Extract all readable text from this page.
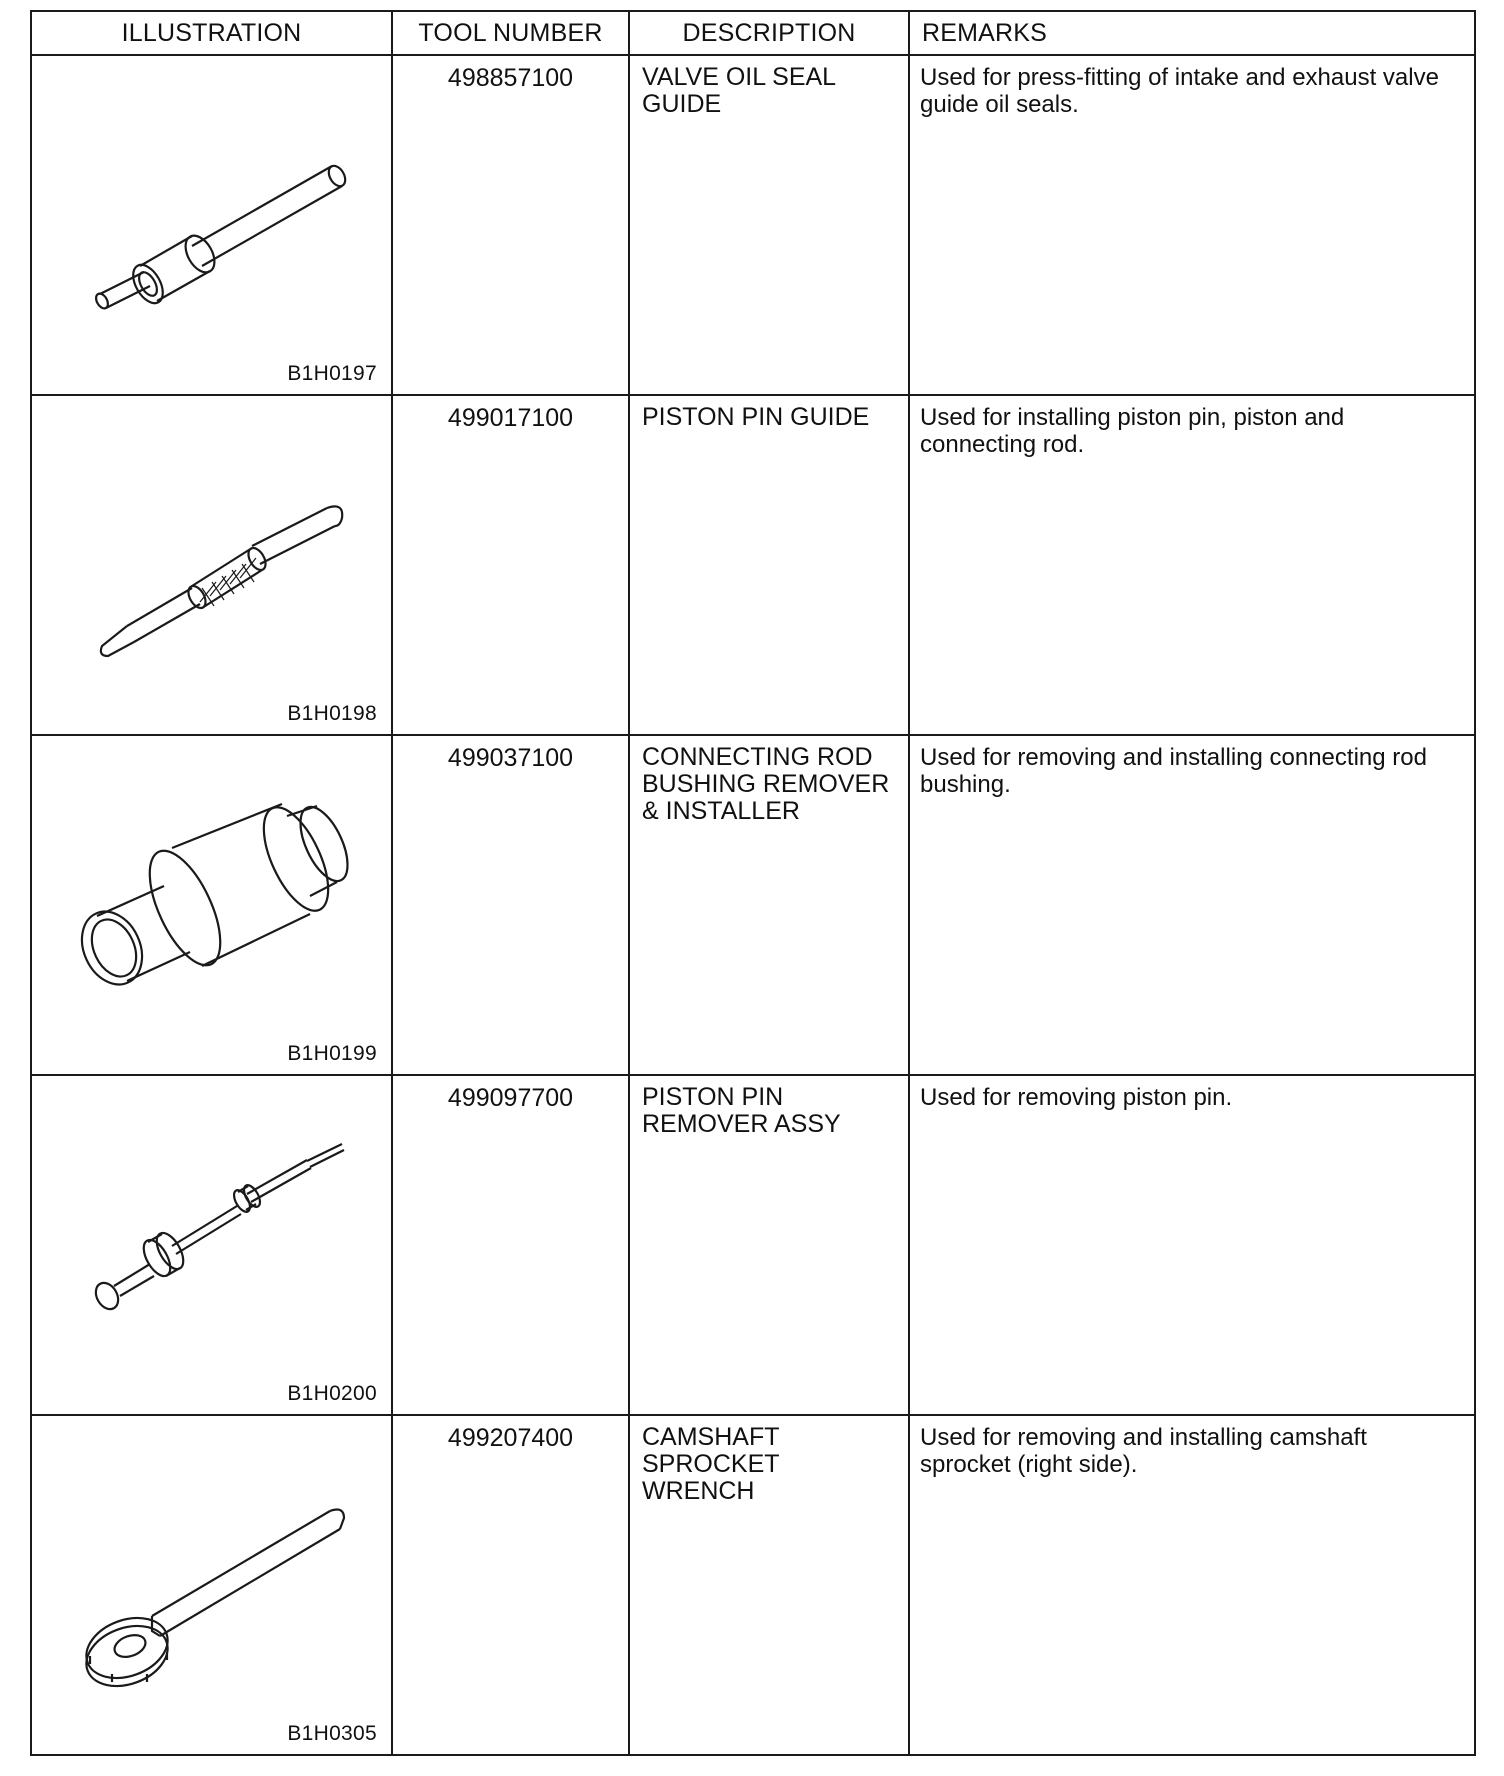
ILLUSTRATION	TOOL NUMBER	DESCRIPTION	REMARKS

B1H0197	498857100	VALVE OIL SEAL
GUIDE	Used for press-fitting of intake and exhaust valve guide oil seals.

B1H0198	499017100	PISTON PIN GUIDE	Used for installing piston pin, piston and connecting rod.

B1H0199	499037100	CONNECTING ROD
BUSHING REMOVER
& INSTALLER	Used for removing and installing connecting rod bushing.

B1H0200	499097700	PISTON PIN
REMOVER ASSY	Used for removing piston pin.

B1H0305	499207400	CAMSHAFT
SPROCKET
WRENCH	Used for removing and installing camshaft sprocket (right side).
